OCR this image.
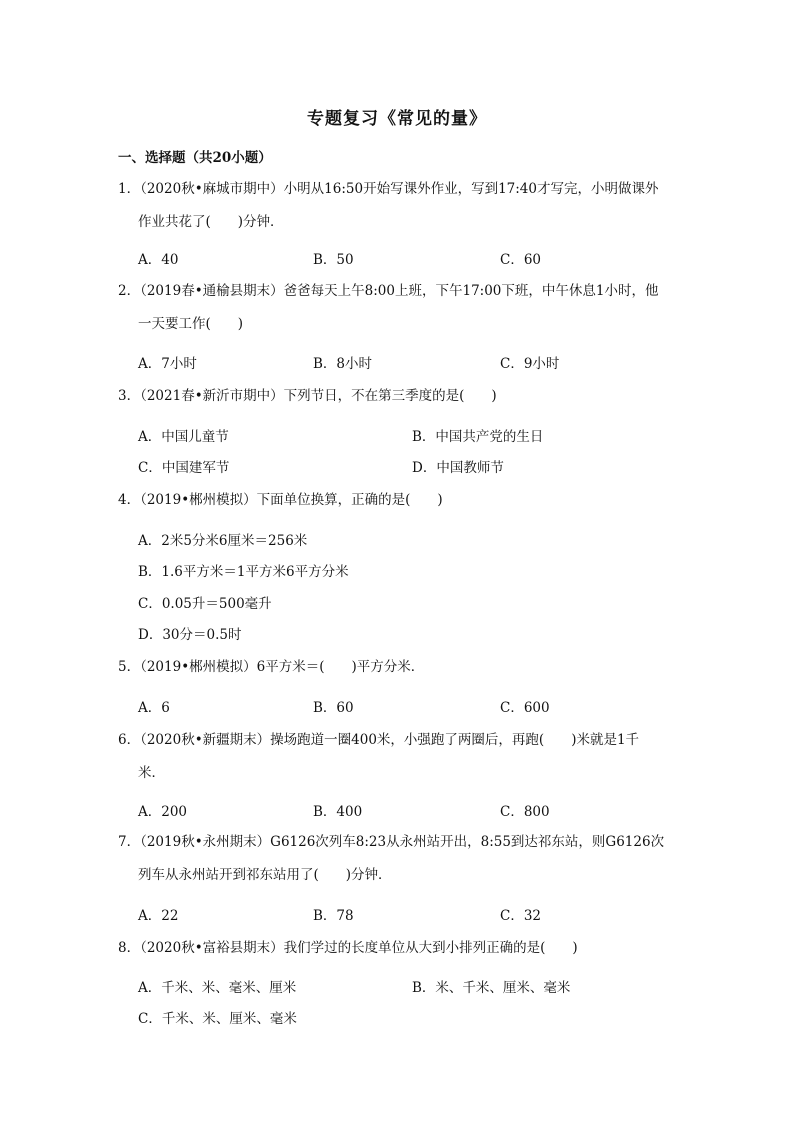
专题复习《常见的量》
一、选择题（共20小题）
1．（2020秋•麻城市期中）小明从16:50开始写课外作业，写到17:40才写完，小明做课外
作业共花了(　　)分钟．
A．40	B．50	C．60
2．（2019春•通榆县期末）爸爸每天上午8:00上班，下午17:00下班，中午休息1小时，他
一天要工作(　　)
A．7小时	B．8小时	C．9小时
3．（2021春•新沂市期中）下列节日，不在第三季度的是(　　)
A．中国儿童节	B．中国共产党的生日
C．中国建军节	D．中国教师节
4．（2019•郴州模拟）下面单位换算，正确的是(　　)
A．2米5分米6厘米＝256米
B．1.6平方米＝1平方米6平方分米
C．0.05升＝500毫升
D．30分＝0.5时
5．（2019•郴州模拟）6平方米＝(　　)平方分米．
A．6	B．60	C．600
6．（2020秋•新疆期末）操场跑道一圈400米，小强跑了两圈后，再跑(　　)米就是1千
米．
A．200	B．400	C．800
7．（2019秋•永州期末）G6126次列车8:23从永州站开出，8:55到达祁东站，则G6126次
列车从永州站开到祁东站用了(　　)分钟．
A．22	B．78	C．32
8．（2020秋•富裕县期末）我们学过的长度单位从大到小排列正确的是(　　)
A．千米、米、毫米、厘米	B．米、千米、厘米、毫米
C．千米、米、厘米、毫米
